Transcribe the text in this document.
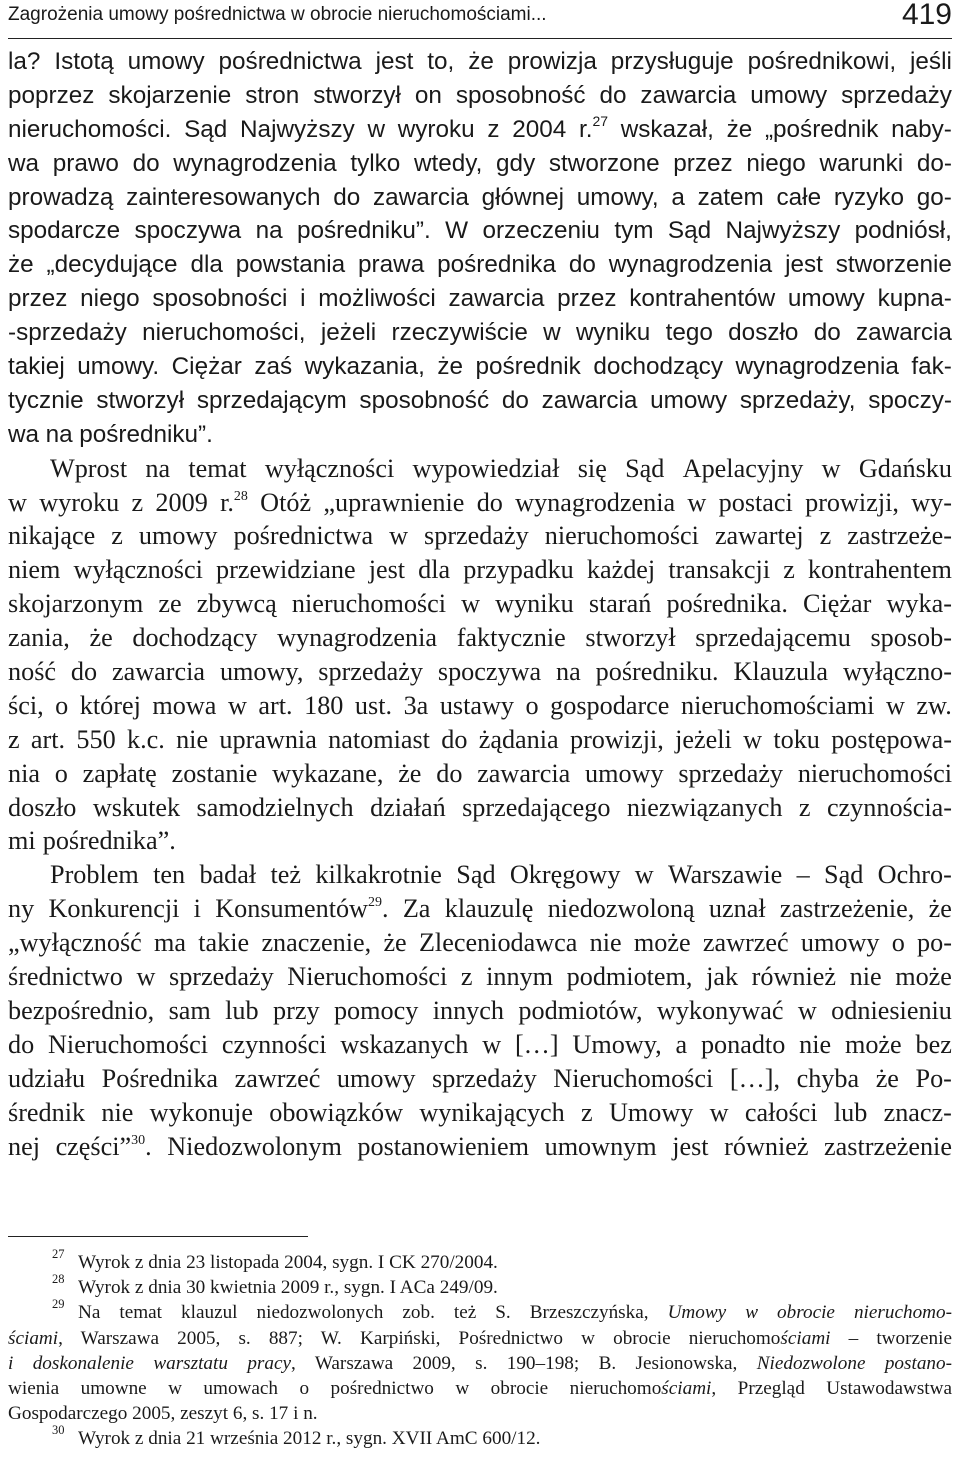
Zagrożenia umowy pośrednictwa w obrocie nieruchomościami...	419
la? Istotą umowy pośrednictwa jest to, że prowizja przysługuje pośrednikowi, jeśli
poprzez skojarzenie stron stworzył on sposobność do zawarcia umowy sprzedaży
nieruchomości. Sąd Najwyższy w wyroku z 2004 r.$^{27}$ wskazał, że „pośrednik naby-
wa prawo do wynagrodzenia tylko wtedy, gdy stworzone przez niego warunki do-
prowadzą zainteresowanych do zawarcia głównej umowy, a zatem całe ryzyko go-
spodarcze spoczywa na pośredniku”. W orzeczeniu tym Sąd Najwyższy podniósł,
że „decydujące dla powstania prawa pośrednika do wynagrodzenia jest stworzenie
przez niego sposobności i możliwości zawarcia przez kontrahentów umowy kupna-
-sprzedaży nieruchomości, jeżeli rzeczywiście w wyniku tego doszło do zawarcia
takiej umowy. Ciężar zaś wykazania, że pośrednik dochodzący wynagrodzenia fak-
tycznie stworzył sprzedającym sposobność do zawarcia umowy sprzedaży, spoczy-
wa na pośredniku”.
Wprost na temat wyłączności wypowiedział się Sąd Apelacyjny w Gdańsku
w wyroku z 2009 r.$^{28}$ Otóż „uprawnienie do wynagrodzenia w postaci prowizji, wy-
nikające z umowy pośrednictwa w sprzedaży nieruchomości zawartej z zastrzeże-
niem wyłączności przewidziane jest dla przypadku każdej transakcji z kontrahentem
skojarzonym ze zbywcą nieruchomości w wyniku starań pośrednika. Ciężar wyka-
zania, że dochodzący wynagrodzenia faktycznie stworzył sprzedającemu sposob-
ność do zawarcia umowy, sprzedaży spoczywa na pośredniku. Klauzula wyłączno-
ści, o której mowa w art. 180 ust. 3a ustawy o gospodarce nieruchomościami w zw.
z art. 550 k.c. nie uprawnia natomiast do żądania prowizji, jeżeli w toku postępowa-
nia o zapłatę zostanie wykazane, że do zawarcia umowy sprzedaży nieruchomości
doszło wskutek samodzielnych działań sprzedającego niezwiązanych z czynnościa-
mi pośrednika”.
Problem ten badał też kilkakrotnie Sąd Okręgowy w Warszawie – Sąd Ochro-
ny Konkurencji i Konsumentów$^{29}$. Za klauzulę niedozwoloną uznał zastrzeżenie, że
„wyłączność ma takie znaczenie, że Zleceniodawca nie może zawrzeć umowy o po-
średnictwo w sprzedaży Nieruchomości z innym podmiotem, jak również nie może
bezpośrednio, sam lub przy pomocy innych podmiotów, wykonywać w odniesieniu
do Nieruchomości czynności wskazanych w […] Umowy, a ponadto nie może bez
udziału Pośrednika zawrzeć umowy sprzedaży Nieruchomości […], chyba że Po-
średnik nie wykonuje obowiązków wynikających z Umowy w całości lub znacz-
nej części”$^{30}$. Niedozwolonym postanowieniem umownym jest również zastrzeżenie
27 Wyrok z dnia 23 listopada 2004, sygn. I CK 270/2004.
28 Wyrok z dnia 30 kwietnia 2009 r., sygn. I ACa 249/09.
29 Na temat klauzul niedozwolonych zob. też S. Brzeszczyńska, Umowy w obrocie nieruchomo-
ściami, Warszawa 2005, s. 887; W. Karpiński, Pośrednictwo w obrocie nieruchomościami – tworzenie
i doskonalenie warsztatu pracy, Warszawa 2009, s. 190–198; B. Jesionowska, Niedozwolone postano-
wienia umowne w umowach o pośrednictwo w obrocie nieruchomościami, Przegląd Ustawodawstwa
Gospodarczego 2005, zeszyt 6, s. 17 i n.
30 Wyrok z dnia 21 września 2012 r., sygn. XVII AmC 600/12.
